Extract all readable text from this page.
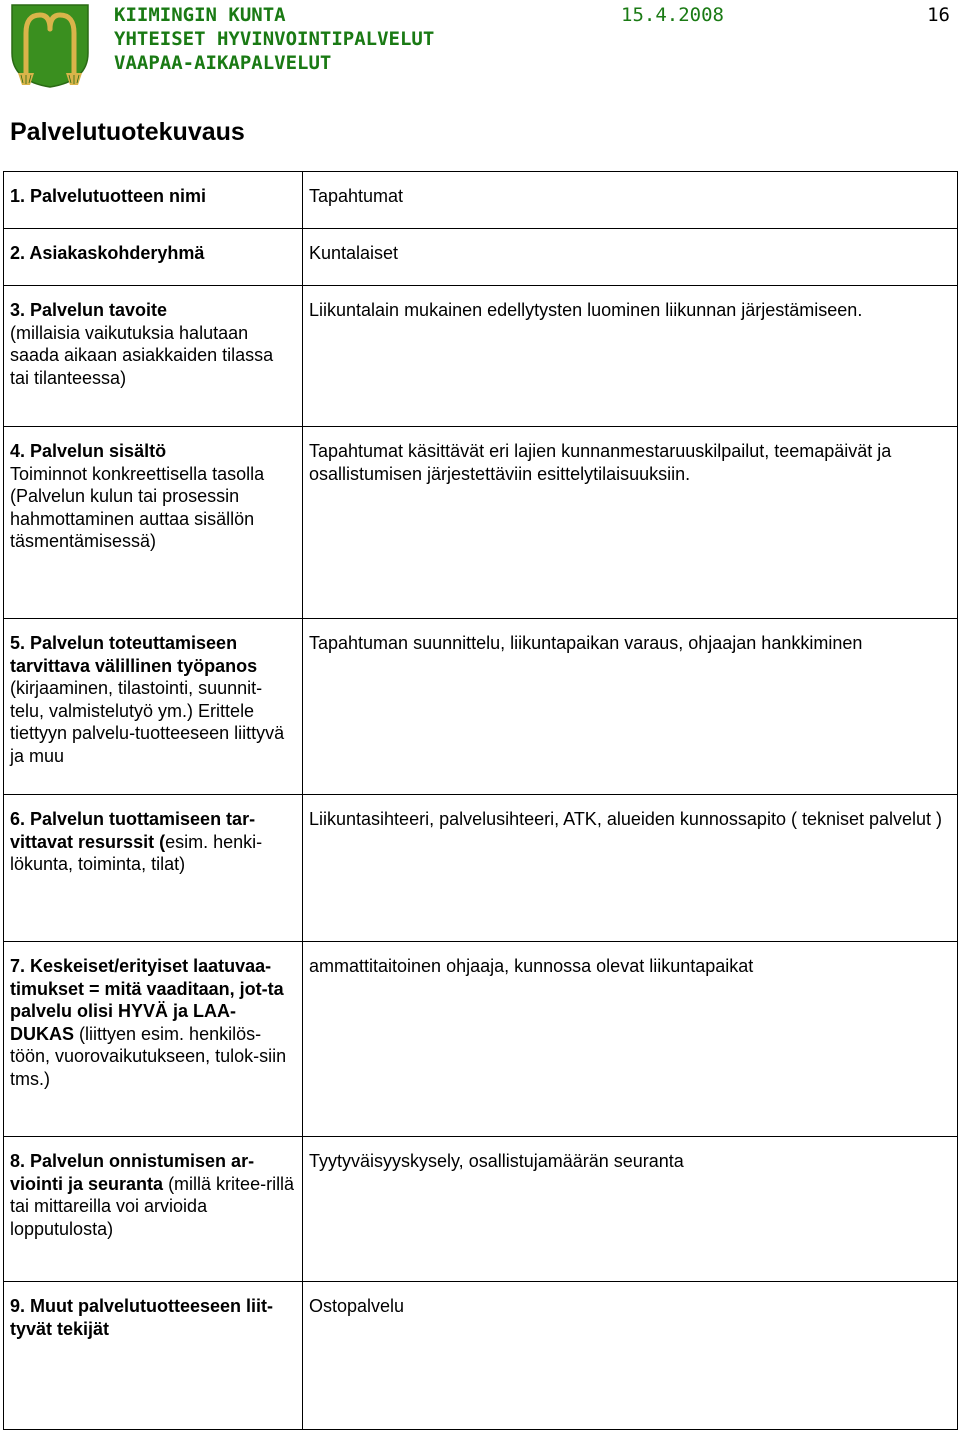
KIIMINGIN KUNTA
YHTEISET HYVINVOINTIPALVELUT
VAAPAA-AIKAPALVELUT
15.4.2008	16
Palvelutuotekuvaus
1. Palvelutuotteen nimi	Tapahtumat
2. Asiakaskohderyhmä	Kuntalaiset
3. Palvelun tavoite
(millaisia vaikutuksia halutaan saada aikaan asiakkaiden tilassa tai tilanteessa)	Liikuntalain mukainen edellytysten luominen liikunnan järjestämiseen.
4. Palvelun sisältö
Toiminnot konkreettisella tasolla (Palvelun kulun tai prosessin hahmottaminen auttaa sisällön täsmentämisessä)	Tapahtumat käsittävät eri lajien kunnanmestaruuskilpailut, teemapäivät ja osallistumisen järjestettäviin esittelytilaisuuksiin.
5. Palvelun toteuttamiseen tarvittava välillinen työpanos (kirjaaminen, tilastointi, suunnit-telu, valmistelutyö ym.) Erittele tiettyyn palvelu-tuotteeseen liittyvä ja muu	Tapahtuman suunnittelu, liikuntapaikan varaus, ohjaajan hankkiminen
6. Palvelun tuottamiseen tar-vittavat resurssit (esim. henki-lökunta, toiminta, tilat)	Liikuntasihteeri, palvelusihteeri, ATK, alueiden kunnossapito ( tekniset palvelut )
7. Keskeiset/erityiset laatuvaa-timukset = mitä vaaditaan, jot-ta palvelu olisi HYVÄ ja LAA-DUKAS (liittyen esim. henkilös-töön, vuorovaikutukseen, tulok-siin tms.)	ammattitaitoinen ohjaaja, kunnossa olevat liikuntapaikat
8. Palvelun onnistumisen ar-viointi ja seuranta (millä kritee-rillä tai mittareilla voi arvioida lopputulosta)	Tyytyväisyyskysely, osallistujamäärän seuranta
9. Muut palvelutuotteeseen liit-tyvät tekijät	Ostopalvelu
